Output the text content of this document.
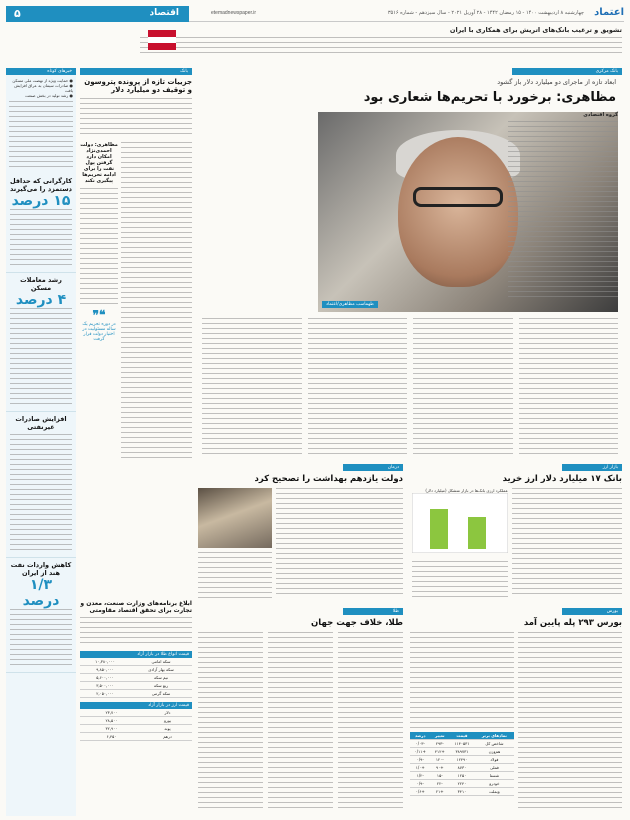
اعتماد
چهارشنبه ۸ اردیبهشت ۱۴۰۰ - ۱۵ رمضان ۱۴۴۲ - ۲۸ آوریل ۲۰۲۱ - سال سیزدهم - شماره ۳۵۱۶
etemadnewspaper.ir
اقتصاد
۵
تشویق و ترغیب بانک‌های اتریش برای همکاری با ایران
خبرهای کوتاه
● حمایت ویژه از نهضت ملی مسکن
● صادرات سیمان به عراق افزایش یافت
● رشد تولید در بخش صنعت
کارگرانی که حداقل دستمزد را می‌گیرند
۱۵ درصد
رشد معاملات مسکن
۴ درصد
افزایش صادرات غیرنفتی
کاهش واردات نفت هند از ایران
۱/۳ درصد
بانک
جزییات تازه از پرونده پتروسون و توقیف دو میلیارد دلار
مظاهری: دولت احمدی‌نژاد امکان دارد گرفتن پول نفت را برای ادامه تحریم‌ها پیگیری نکند
❝❞
در دوره تحریم یک ساله مسئولیت در اختیار دولت قرار گرفت
بانک مرکزی
ابعاد تازه از ماجرای دو میلیارد دلار باز گشود
مظاهری: برخورد با تحریم‌ها شعاری بود
طهماسب مظاهری/اعتماد
گروه اقتصادی
بازار ارز
بانک ۱۷ میلیارد دلار ارز خرید
عملکرد ارزی بانک‌ها در بازار متشکل (میلیارد دلار)
درمان
دولت یازدهم بهداشت را تصحیح کرد
ابلاغ برنامه‌های وزارت صنعت، معدن و تجارت برای تحقق اقتصاد مقاومتی
قیمت انواع طلا در بازار آزاد
سکه امامی	۱۰,۳۸۰,۰۰۰
سکه بهار آزادی	۹,۸۵۰,۰۰۰
نیم سکه	۵,۶۰۰,۰۰۰
ربع سکه	۳,۵۰۰,۰۰۰
سکه گرمی	۲,۰۵۰,۰۰۰
قیمت ارز در بازار آزاد
دلار	۲۳,۷۰۰
یورو	۲۸,۵۰۰
پوند	۳۲,۹۰۰
درهم	۶,۴۵۰
بورس
بورس ۲۹۳ پله پایین آمد
نمادهای برتر	قیمت	تغییر	درصد
شاخص کل	۱۱۴۰۵۳۱	-۲۹۳	-۰/۰۳
هم‌وزن	۳۸۹۷۳۱	+۴۱۲	+۰/۱۱
فولاد	۱۲۴۹۰	-۱۲۰	-۰/۹
فملی	۸۷۳۰	+۹۰	+۱/۰
شستا	۱۲۵۰	-۱۵	-۱/۲
خودرو	۲۲۴۰	-۲۲	-۰/۹
وبملت	۳۴۱۰	+۲۱	+۰/۶
طلا
طلا، خلاف جهت جهان
